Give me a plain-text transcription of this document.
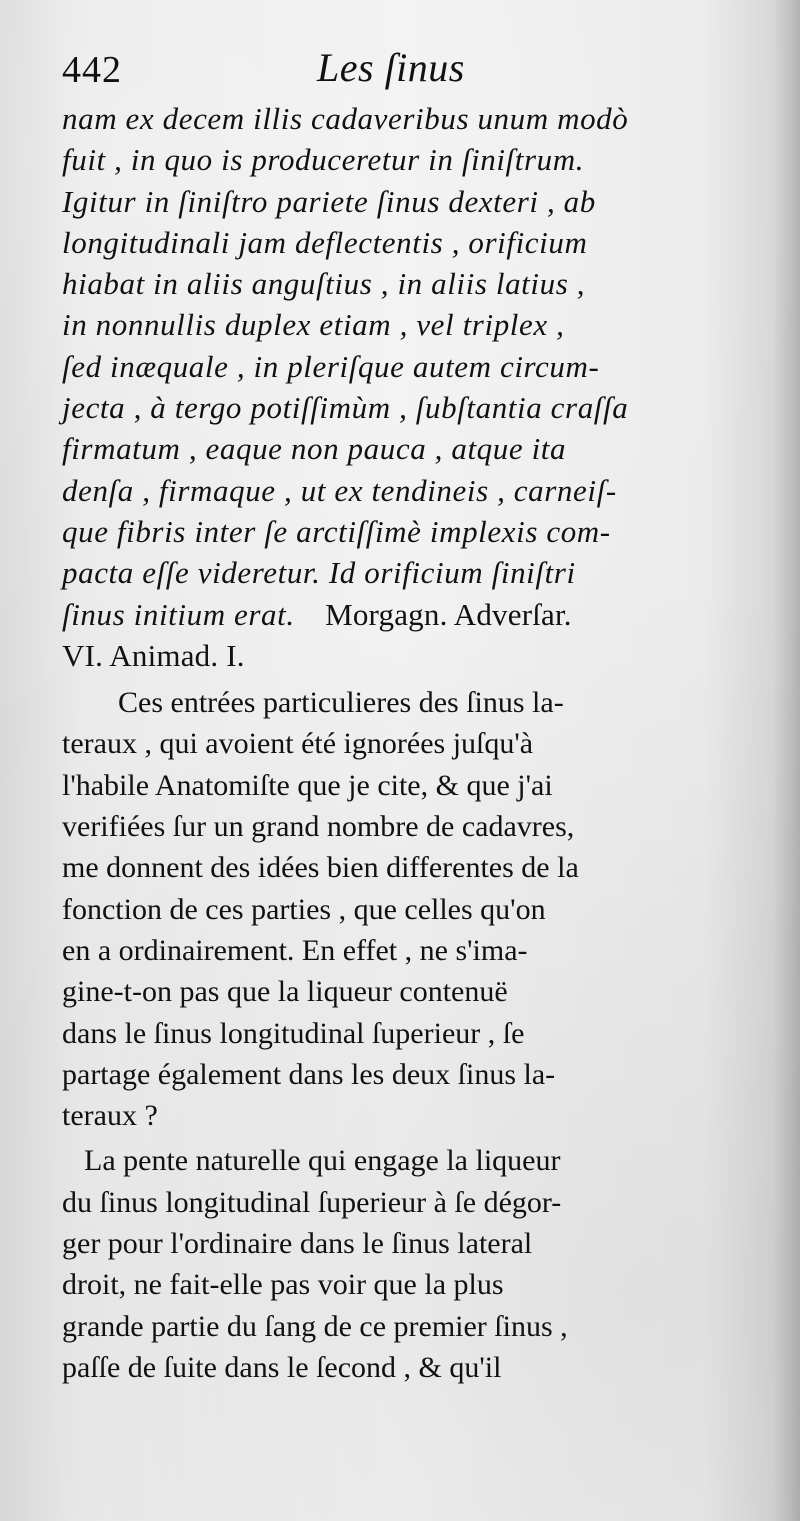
442	Les ſinus
nam ex decem illis cadaveribus unum modò
fuit , in quo is produceretur in ſiniſtrum.
Igitur in ſiniſtro pariete ſinus dexteri , ab
longitudinali jam deflectentis , orificium
hiabat in aliis anguſtius , in aliis latius ,
in nonnullis duplex etiam , vel triplex ,
ſed inæquale , in pleriſque autem circum-
jecta , à tergo potiſſimùm , ſubſtantia craſſa
firmatum , eaque non pauca , atque ita
denſa , firmaque , ut ex tendineis , carneiſ-
que fibris inter ſe arctiſſimè implexis com-
pacta eſſe videretur. Id orificium ſiniſtri
ſinus initium erat. Morgagn. Adverſar.
VI. Animad. I.
Ces entrées particulieres des ſinus la-
teraux , qui avoient été ignorées juſqu'à
l'habile Anatomiſte que je cite, & que j'ai
verifiées ſur un grand nombre de cadavres,
me donnent des idées bien differentes de la
fonction de ces parties , que celles qu'on
en a ordinairement. En effet , ne s'ima-
gine-t-on pas que la liqueur contenuë
dans le ſinus longitudinal ſuperieur , ſe
partage également dans les deux ſinus la-
teraux ?
La pente naturelle qui engage la liqueur
du ſinus longitudinal ſuperieur à ſe dégor-
ger pour l'ordinaire dans le ſinus lateral
droit, ne fait-elle pas voir que la plus
grande partie du ſang de ce premier ſinus ,
paſſe de ſuite dans le ſecond , & qu'il
